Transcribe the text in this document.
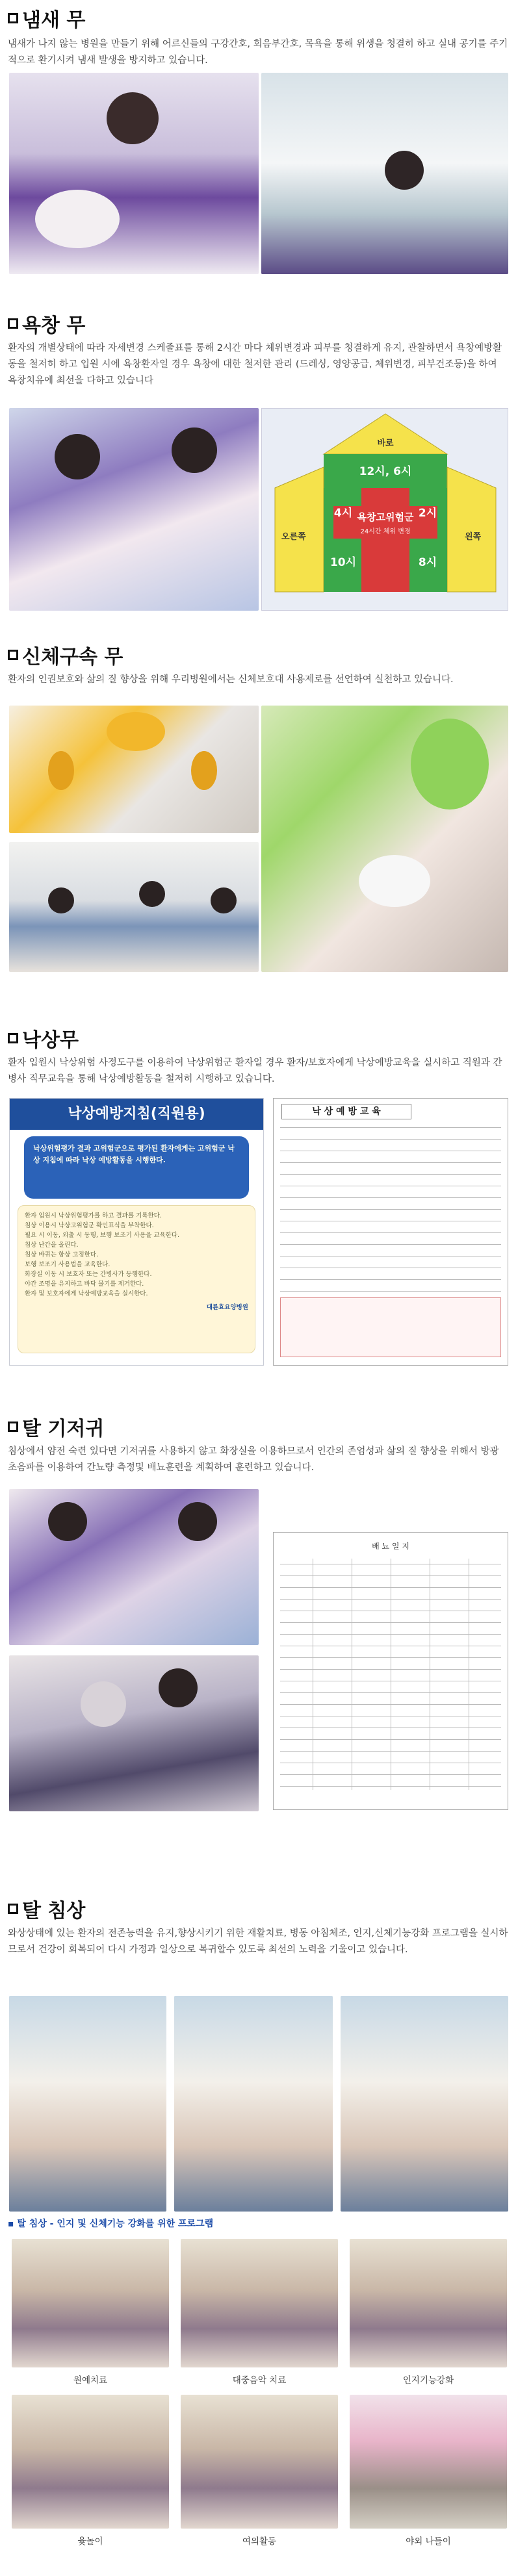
냄새 무
냄새가 나지 않는 병원을 만들기 위해 어르신들의 구강간호, 회음부간호, 목욕을 통해 위생을 청결히 하고 실내 공기를 주기적으로 환기시켜 냄새 발생을 방지하고 있습니다.
욕창 무
환자의 개별상태에 따라 자세변경 스케줄표를 통해 2시간 마다 체위변경과 피부를 청결하게 유지, 관찰하면서 욕창예방활동을 철저히 하고 입원 시에 욕창환자일 경우 욕창에 대한 철저한 관리 (드레싱, 영양공급, 체위변경, 피부건조등)을 하여 욕창치유에 최선을 다하고 있습니다
바로
12시, 6시
오른쪽
4시
10시
왼쪽
2시
8시
욕창고위험군
24시간 체위 변경
신체구속 무
환자의 인권보호와 삶의 질 향상을 위해 우리병원에서는 신체보호대 사용제로를 선언하여 실천하고 있습니다.
낙상무
환자 입원시 낙상위험 사정도구를 이용하여 낙상위험군 환자일 경우 환자/보호자에게 낙상예방교육을 실시하고 직원과 간병사 직무교육을 통해 낙상예방활동을 철저히 시행하고 있습니다.
낙상예방지침(직원용)
낙상위험평가 결과 고위험군으로 평가된 환자에게는 고위험군 낙상 지침에 따라 낙상 예방활동을 시행한다.
환자 입원시 낙상위험평가를 하고 결과를 기록한다.
침상 이용시 낙상고위험군 확인표식을 부착한다.
필요 시 이동, 외출 시 동행, 보행 보조기 사용을 교육한다.
침상 난간을 올린다.
침상 바퀴는 항상 고정한다.
보행 보조기 사용법을 교육한다.
화장실 이동 시 보호자 또는 간병사가 동행한다.
야간 조명을 유지하고 바닥 물기를 제거한다.
환자 및 보호자에게 낙상예방교육을 실시한다.
대륜효요양병원
낙 상 예 방 교 육
탈 기저귀
침상에서 얌전 숙련 있다면 기저귀를 사용하지 않고 화장실을 이용하므로서 인간의 존엄성과 삶의 질 향상을 위해서 방광 초음파를 이용하여 간뇨량 측정및 배뇨훈련을 계획하여 훈련하고 있습니다.
배 뇨 일 지
탈 침상
와상상태에 있는 환자의 전존능력을 유지,향상시키기 위한 재활치료, 병동 아침체조, 인지,신체기능강화 프로그램을 실시하므로서 건강이 회복되어 다시 가정과 일상으로 복귀할수 있도록 최선의 노력을 기울이고 있습니다.
▪ 탈 침상 - 인지 및 신체기능 강화를 위한 프로그램
원예치료	대중음악 치료	인지기능강화
윷놀이	여의활동	야외 나들이
